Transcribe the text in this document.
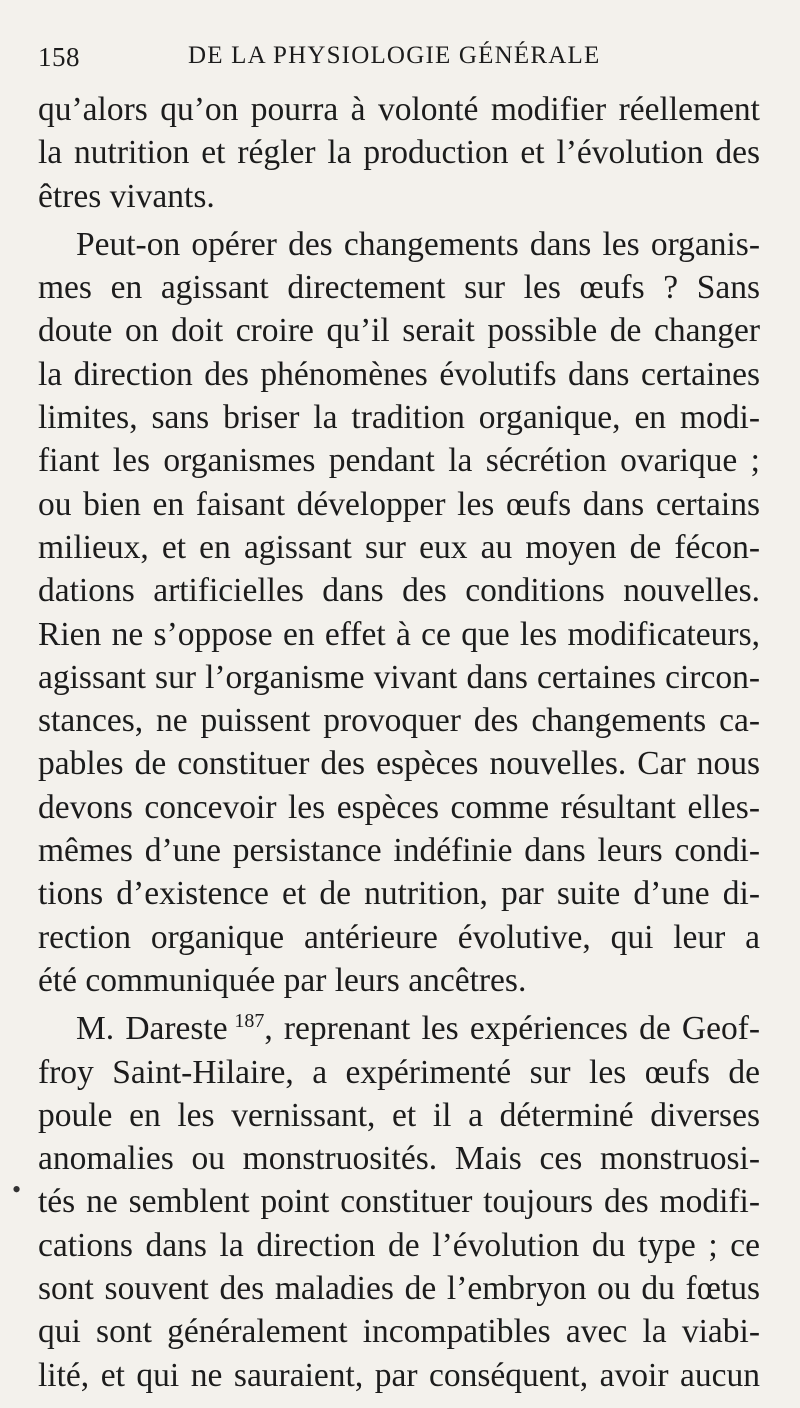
158	DE LA PHYSIOLOGIE GÉNÉRALE
•
qu’alors qu’on pourra à volonté modifier réellement
la nutrition et régler la production et l’évolution des
êtres vivants.
Peut-on opérer des changements dans les organis-
mes en agissant directement sur les œufs ? Sans
doute on doit croire qu’il serait possible de changer
la direction des phénomènes évolutifs dans certaines
limites, sans briser la tradition organique, en modi-
fiant les organismes pendant la sécrétion ovarique ;
ou bien en faisant développer les œufs dans certains
milieux, et en agissant sur eux au moyen de fécon-
dations artificielles dans des conditions nouvelles.
Rien ne s’oppose en effet à ce que les modificateurs,
agissant sur l’organisme vivant dans certaines circon-
stances, ne puissent provoquer des changements ca-
pables de constituer des espèces nouvelles. Car nous
devons concevoir les espèces comme résultant elles-
mêmes d’une persistance indéfinie dans leurs condi-
tions d’existence et de nutrition, par suite d’une di-
rection organique antérieure évolutive, qui leur a
été communiquée par leurs ancêtres.
M. Dareste  $^{187}$, reprenant les expériences de Geof-
froy Saint-Hilaire, a expérimenté sur les œufs de
poule en les vernissant, et il a déterminé diverses
anomalies ou monstruosités. Mais ces monstruosi-
tés ne semblent point constituer toujours des modifi-
cations dans la direction de l’évolution du type ; ce
sont souvent des maladies de l’embryon ou du fœtus
qui sont généralement incompatibles avec la viabi-
lité, et qui ne sauraient, par conséquent, avoir aucun
